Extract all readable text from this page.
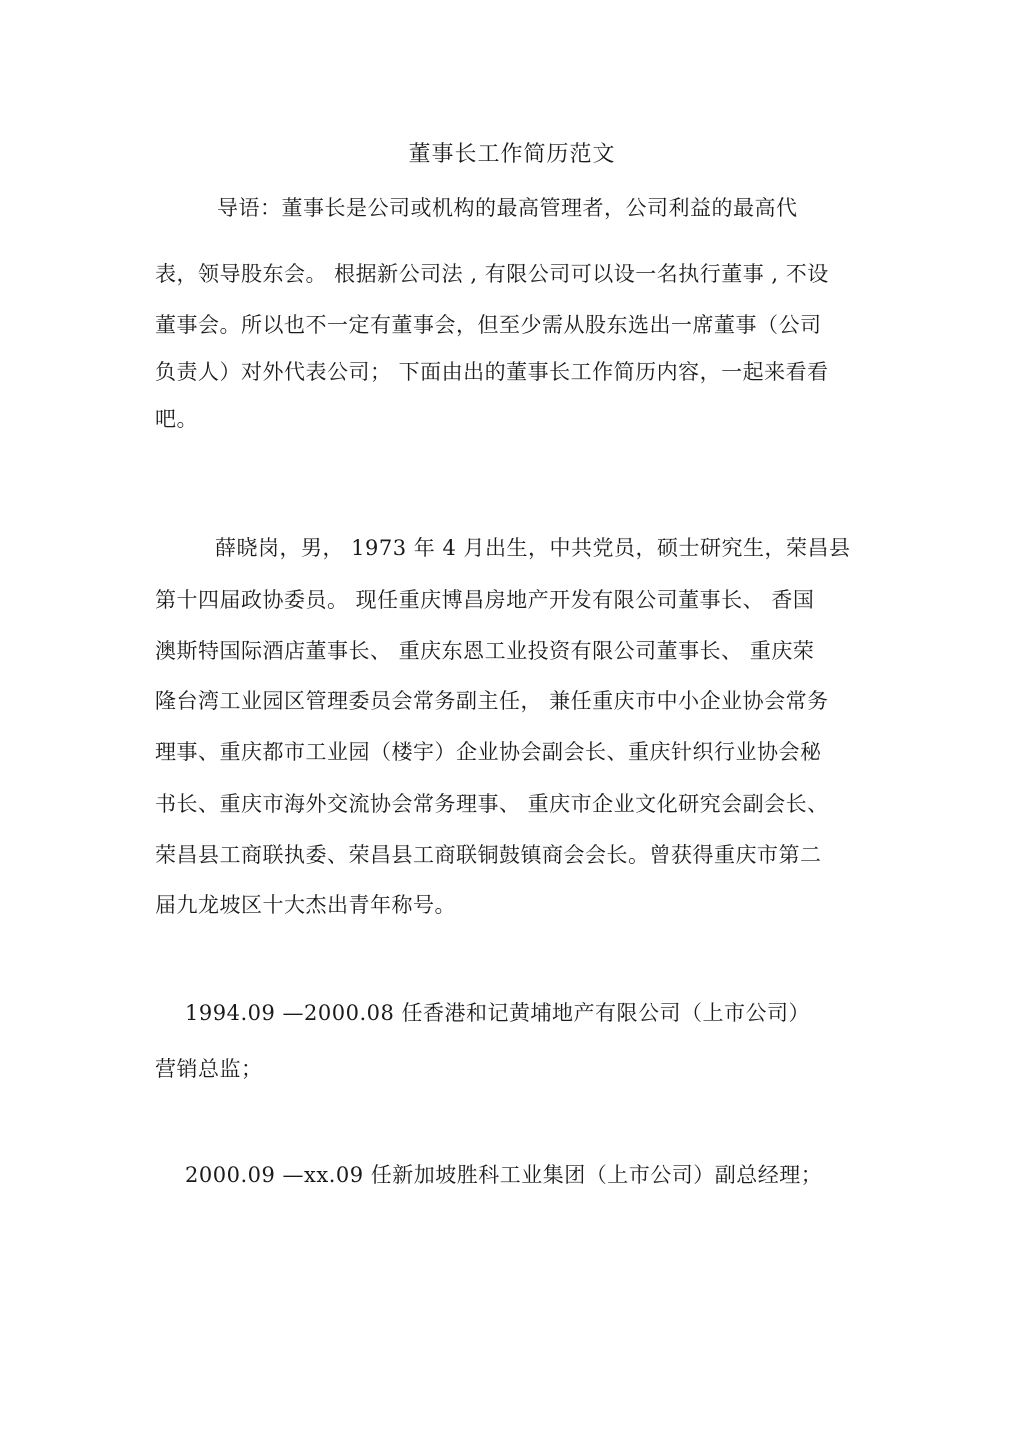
董事长工作简历范文
导语：董事长是公司或机构的最高管理者，公司利益的最高代
表，领导股东会。 根据新公司法 , 有限公司可以设一名执行董事 , 不设
董事会。所以也不一定有董事会，但至少需从股东选出一席董事（公司
负责人）对外代表公司； 下面由出的董事长工作简历内容，一起来看看
吧。
薛晓岗，男， 1973 年 4 月出生，中共党员，硕士研究生，荣昌县
第十四届政协委员。 现任重庆博昌房地产开发有限公司董事长、 香国
澳斯特国际酒店董事长、 重庆东恩工业投资有限公司董事长、 重庆荣
隆台湾工业园区管理委员会常务副主任， 兼任重庆市中小企业协会常务
理事、重庆都市工业园（楼宇）企业协会副会长、重庆针织行业协会秘
书长、重庆市海外交流协会常务理事、 重庆市企业文化研究会副会长、
荣昌县工商联执委、荣昌县工商联铜鼓镇商会会长。曾获得重庆市第二
届九龙坡区十大杰出青年称号。
1994.09 —2000.08 任香港和记黄埔地产有限公司（上市公司）
营销总监；
2000.09 —xx.09 任新加坡胜科工业集团（上市公司）副总经理；
